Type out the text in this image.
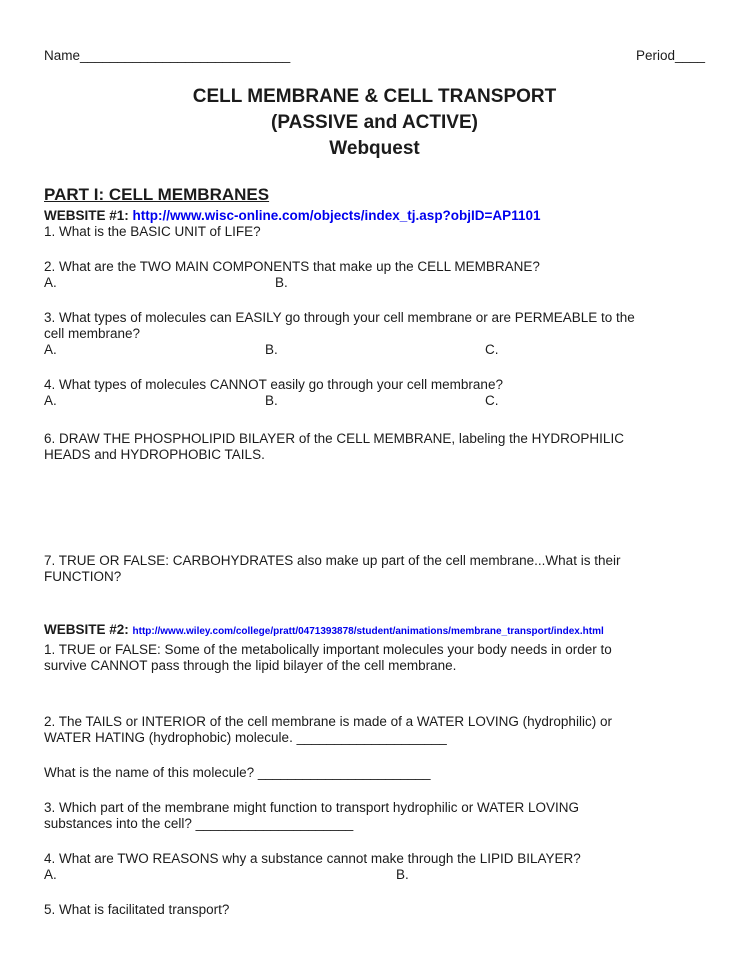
Name____________________________	Period____
CELL MEMBRANE & CELL TRANSPORT
(PASSIVE and ACTIVE)
Webquest
PART I: CELL MEMBRANES
WEBSITE #1: http://www.wisc-online.com/objects/index_tj.asp?objID=AP1101
1. What is the BASIC UNIT of LIFE?
2. What are the TWO MAIN COMPONENTS that make up the CELL MEMBRANE?
A.	B.
3. What types of molecules can EASILY go through your cell membrane or are PERMEABLE to the
cell membrane?
A.	B.	C.
4. What types of molecules CANNOT easily go through your cell membrane?
A.	B.	C.
6. DRAW THE PHOSPHOLIPID BILAYER of the CELL MEMBRANE, labeling the HYDROPHILIC
HEADS and HYDROPHOBIC TAILS.
7. TRUE OR FALSE: CARBOHYDRATES also make up part of the cell membrane...What is their
FUNCTION?
WEBSITE #2: http://www.wiley.com/college/pratt/0471393878/student/animations/membrane_transport/index.html
1. TRUE or FALSE: Some of the metabolically important molecules your body needs in order to
survive CANNOT pass through the lipid bilayer of the cell membrane.
2. The TAILS or INTERIOR of the cell membrane is made of a WATER LOVING (hydrophilic) or
WATER HATING (hydrophobic) molecule. ____________________
What is the name of this molecule? _______________________
3. Which part of the membrane might function to transport hydrophilic or WATER LOVING
substances into the cell? _____________________
4. What are TWO REASONS why a substance cannot make through the LIPID BILAYER?
A.	B.
5. What is facilitated transport?
